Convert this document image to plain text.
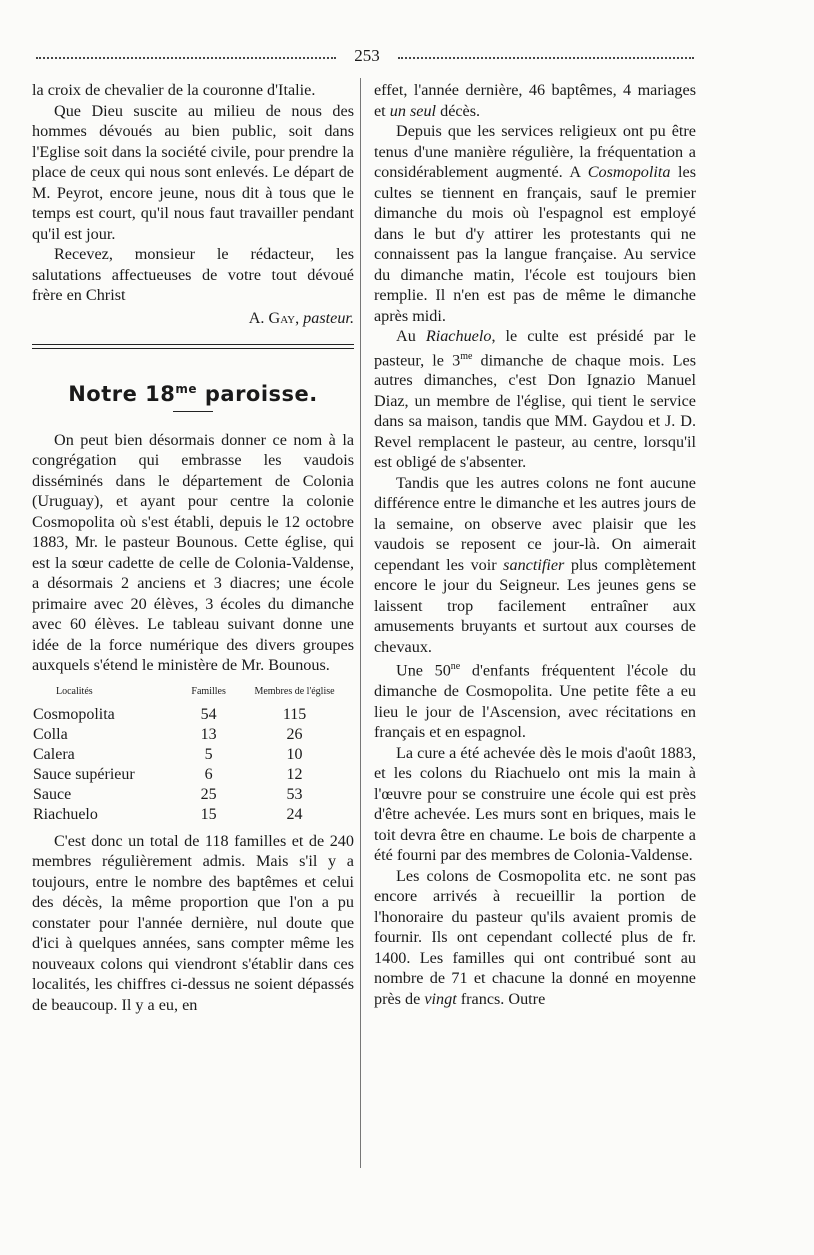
253

la croix de chevalier de la couronne d'Italie.

Que Dieu suscite au milieu de nous des hommes dévoués au bien public, soit dans l'Eglise soit dans la société civile, pour prendre la place de ceux qui nous sont enlevés. Le départ de M. Peyrot, encore jeune, nous dit à tous que le temps est court, qu'il nous faut travailler pendant qu'il est jour.

Recevez, monsieur le rédacteur, les salutations affectueuses de votre tout dévoué frère en Christ

A. Gay, pasteur.
Notre $18^{me}$ paroisse.

On peut bien désormais donner ce nom à la congrégation qui embrasse les vaudois disséminés dans le département de Colonia (Uruguay), et ayant pour centre la colonie Cosmopolita où s'est établi, depuis le 12 octobre 1883, Mr. le pasteur Bounous. Cette église, qui est la sœur cadette de celle de Colonia-Valdense, a désormais 2 anciens et 3 diacres; une école primaire avec 20 élèves, 3 écoles du dimanche avec 60 élèves. Le tableau suivant donne une idée de la force numérique des divers groupes auxquels s'étend le ministère de Mr. Bounous.

Localités	Familles	Membres de l'église
Cosmopolita	54	115
Colla	13	26
Calera	5	10
Sauce supérieur	6	12
Sauce	25	53
Riachuelo	15	24

C'est donc un total de 118 familles et de 240 membres régulièrement admis. Mais s'il y a toujours, entre le nombre des baptêmes et celui des décès, la même proportion que l'on a pu constater pour l'année dernière, nul doute que d'ici à quelques années, sans compter même les nouveaux colons qui viendront s'établir dans ces localités, les chiffres ci-dessus ne soient dépassés de beaucoup. Il y a eu, en

effet, l'année dernière, 46 baptêmes, 4 mariages et un seul décès.

Depuis que les services religieux ont pu être tenus d'une manière régulière, la fréquentation a considérablement augmenté. A Cosmopolita les cultes se tiennent en français, sauf le premier dimanche du mois où l'espagnol est employé dans le but d'y attirer les protestants qui ne connaissent pas la langue française. Au service du dimanche matin, l'école est toujours bien remplie. Il n'en est pas de même le dimanche après midi.

Au Riachuelo, le culte est présidé par le pasteur, le $3^{me}$ dimanche de chaque mois. Les autres dimanches, c'est Don Ignazio Manuel Diaz, un membre de l'église, qui tient le service dans sa maison, tandis que MM. Gaydou et J. D. Revel remplacent le pasteur, au centre, lorsqu'il est obligé de s'absenter.

Tandis que les autres colons ne font aucune différence entre le dimanche et les autres jours de la semaine, on observe avec plaisir que les vaudois se reposent ce jour-là. On aimerait cependant les voir sanctifier plus complètement encore le jour du Seigneur. Les jeunes gens se laissent trop facilement entraîner aux amusements bruyants et surtout aux courses de chevaux.

Une $50^{ne}$ d'enfants fréquentent l'école du dimanche de Cosmopolita. Une petite fête a eu lieu le jour de l'Ascension, avec récitations en français et en espagnol.

La cure a été achevée dès le mois d'août 1883, et les colons du Riachuelo ont mis la main à l'œuvre pour se construire une école qui est près d'être achevée. Les murs sont en briques, mais le toit devra être en chaume. Le bois de charpente a été fourni par des membres de Colonia-Valdense.

Les colons de Cosmopolita etc. ne sont pas encore arrivés à recueillir la portion de l'honoraire du pasteur qu'ils avaient promis de fournir. Ils ont cependant collecté plus de fr. 1400. Les familles qui ont contribué sont au nombre de 71 et chacune la donné en moyenne près de vingt francs. Outre
